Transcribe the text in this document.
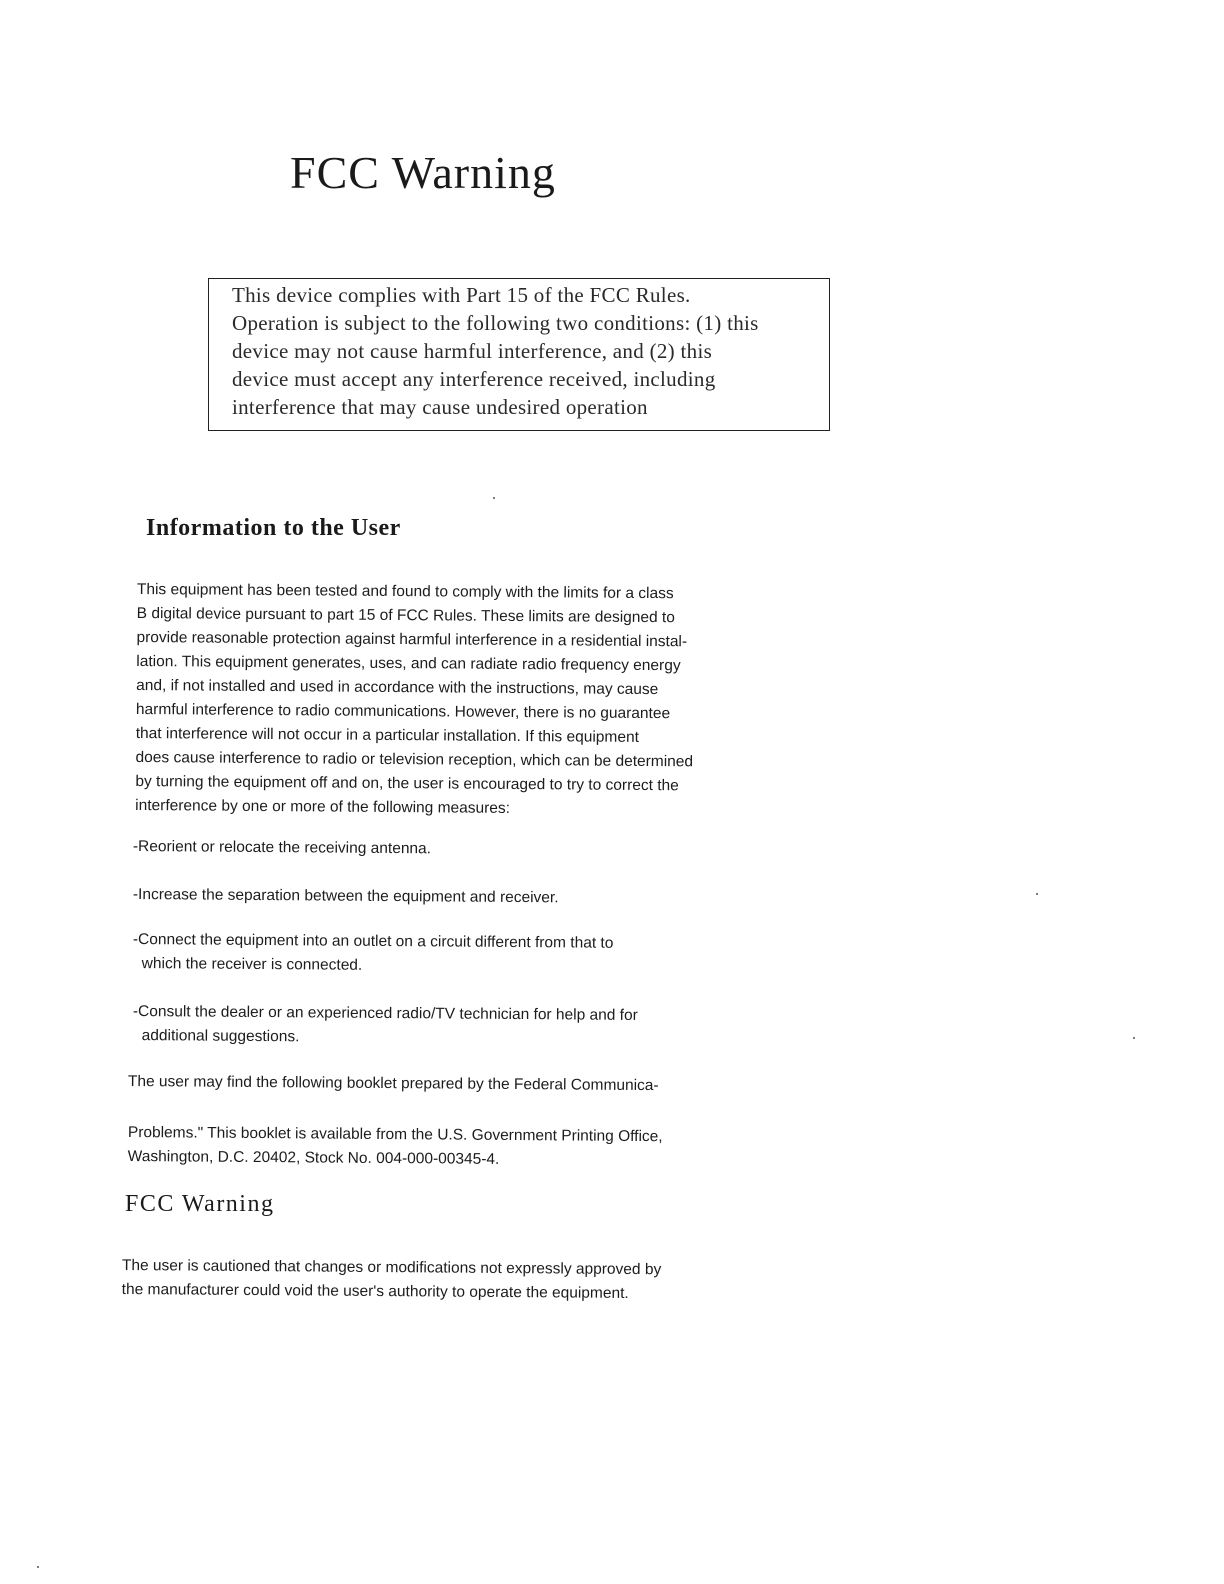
FCC Warning

This device complies with Part 15 of the FCC Rules.
Operation is subject to the following two conditions: (1) this
device may not cause harmful interference, and (2) this
device must accept any interference received, including
interference that may cause undesired operation

Information to the User

This equipment has been tested and found to comply with the limits for a class
B digital device pursuant to part 15 of FCC Rules. These limits are designed to
provide reasonable protection against harmful interference in a residential instal-
lation. This equipment generates, uses, and can radiate radio frequency energy
and, if not installed and used in accordance with the instructions, may cause
harmful interference to radio communications. However, there is no guarantee
that interference will not occur in a particular installation. If this equipment
does cause interference to radio or television reception, which can be determined
by turning the equipment off and on, the user is encouraged to try to correct the
interference by one or more of the following measures:

-Reorient or relocate the receiving antenna.

-Increase the separation between the equipment and receiver.

-Connect the equipment into an outlet on a circuit different from that to
which the receiver is connected.

-Consult the dealer or an experienced radio/TV technician for help and for
additional suggestions.

The user may find the following booklet prepared by the Federal Communica-

Problems." This booklet is available from the U.S. Government Printing Office,
Washington, D.C. 20402, Stock No. 004-000-00345-4.

FCC Warning

The user is cautioned that changes or modifications not expressly approved by
the manufacturer could void the user's authority to operate the equipment.
